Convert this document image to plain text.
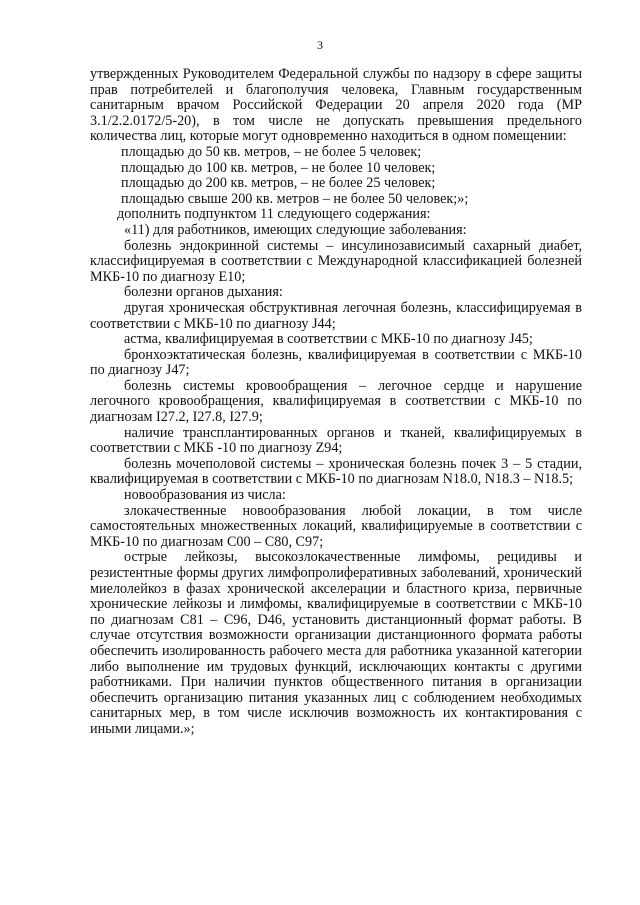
3

утвержденных Руководителем Федеральной службы по надзору в сфере защиты прав потребителей и благополучия человека, Главным государственным санитарным врачом Российской Федерации 20 апреля 2020 года (МР 3.1/2.2.0172/5-20), в том числе не допускать превышения предельного количества лиц, которые могут одновременно находиться в одном помещении:

площадью до 50 кв. метров, – не более 5 человек;

площадью до 100 кв. метров, – не более 10 человек;

площадью до 200 кв. метров, – не более 25 человек;

площадью свыше 200 кв. метров – не более 50 человек;»;

дополнить подпунктом 11 следующего содержания:

«11) для работников, имеющих следующие заболевания:

болезнь эндокринной системы – инсулинозависимый сахарный диабет, классифицируемая в соответствии с Международной классификацией болезней МКБ-10 по диагнозу Е10;

болезни органов дыхания:

другая хроническая обструктивная легочная болезнь, классифицируемая в соответствии с МКБ-10 по диагнозу J44;

астма, квалифицируемая в соответствии с МКБ-10 по диагнозу J45;

бронхоэктатическая болезнь, квалифицируемая в соответствии с МКБ-10 по диагнозу J47;

болезнь системы кровообращения – легочное сердце и нарушение легочного кровообращения, квалифицируемая в соответствии с МКБ-10 по диагнозам I27.2, I27.8, I27.9;

наличие трансплантированных органов и тканей, квалифицируемых в соответствии с МКБ -10 по диагнозу Z94;

болезнь мочеполовой системы – хроническая болезнь почек 3 – 5 стадии, квалифицируемая в соответствии с МКБ-10 по диагнозам N18.0, N18.3 – N18.5;

новообразования из числа:

злокачественные новообразования любой локации, в том числе самостоятельных множественных локаций, квалифицируемые в соответствии с МКБ-10 по диагнозам С00 – С80, С97;

острые лейкозы, высокозлокачественные лимфомы, рецидивы и резистентные формы других лимфопролиферативных заболеваний, хронический миелолейкоз в фазах хронической акселерации и бластного криза, первичные хронические лейкозы и лимфомы, квалифицируемые в соответствии с МКБ-10 по диагнозам С81 – С96, D46, установить дистанционный формат работы. В случае отсутствия возможности организации дистанционного формата работы обеспечить изолированность рабочего места для работника указанной категории либо выполнение им трудовых функций, исключающих контакты с другими работниками. При наличии пунктов общественного питания в организации обеспечить организацию питания указанных лиц с соблюдением необходимых санитарных мер, в том числе исключив возможность их контактирования с иными лицами.»;
